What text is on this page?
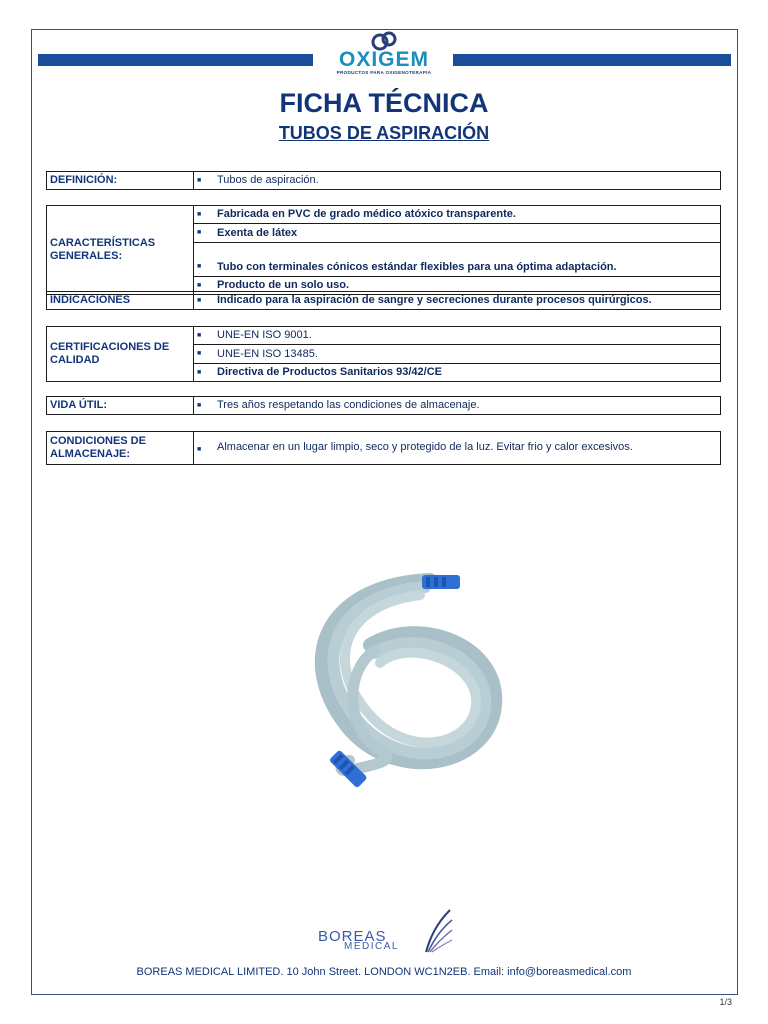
OXIGEM
PRODUCTOS PARA OXIGENOTERAPIA
FICHA TÉCNICA
TUBOS DE ASPIRACIÓN
DEFINICIÓN:	■ Tubos de aspiración.
CARACTERÍSTICAS GENERALES:	■ Fabricada en PVC de grado médico atóxico transparente.
■ Exenta de látex
■ Tubo con terminales cónicos estándar flexibles para una óptima adaptación.
■ Producto de un solo uso.
INDICACIONES	■ Indicado para la aspiración de sangre y secreciones durante procesos quirúrgicos.
CERTIFICACIONES DE CALIDAD	■ UNE-EN ISO 9001.
■ UNE-EN ISO 13485.
■ Directiva de Productos Sanitarios 93/42/CE
VIDA ÚTIL:	■ Tres años respetando las condiciones de almacenaje.
CONDICIONES DE ALMACENAJE:	■	Almacenar en un lugar limpio, seco y protegido de la luz. Evitar frio y calor excesivos.
BOREAS
MEDICAL
BOREAS MEDICAL LIMITED. 10 John Street. LONDON WC1N2EB. Email: info@boreasmedical.com
1/3
